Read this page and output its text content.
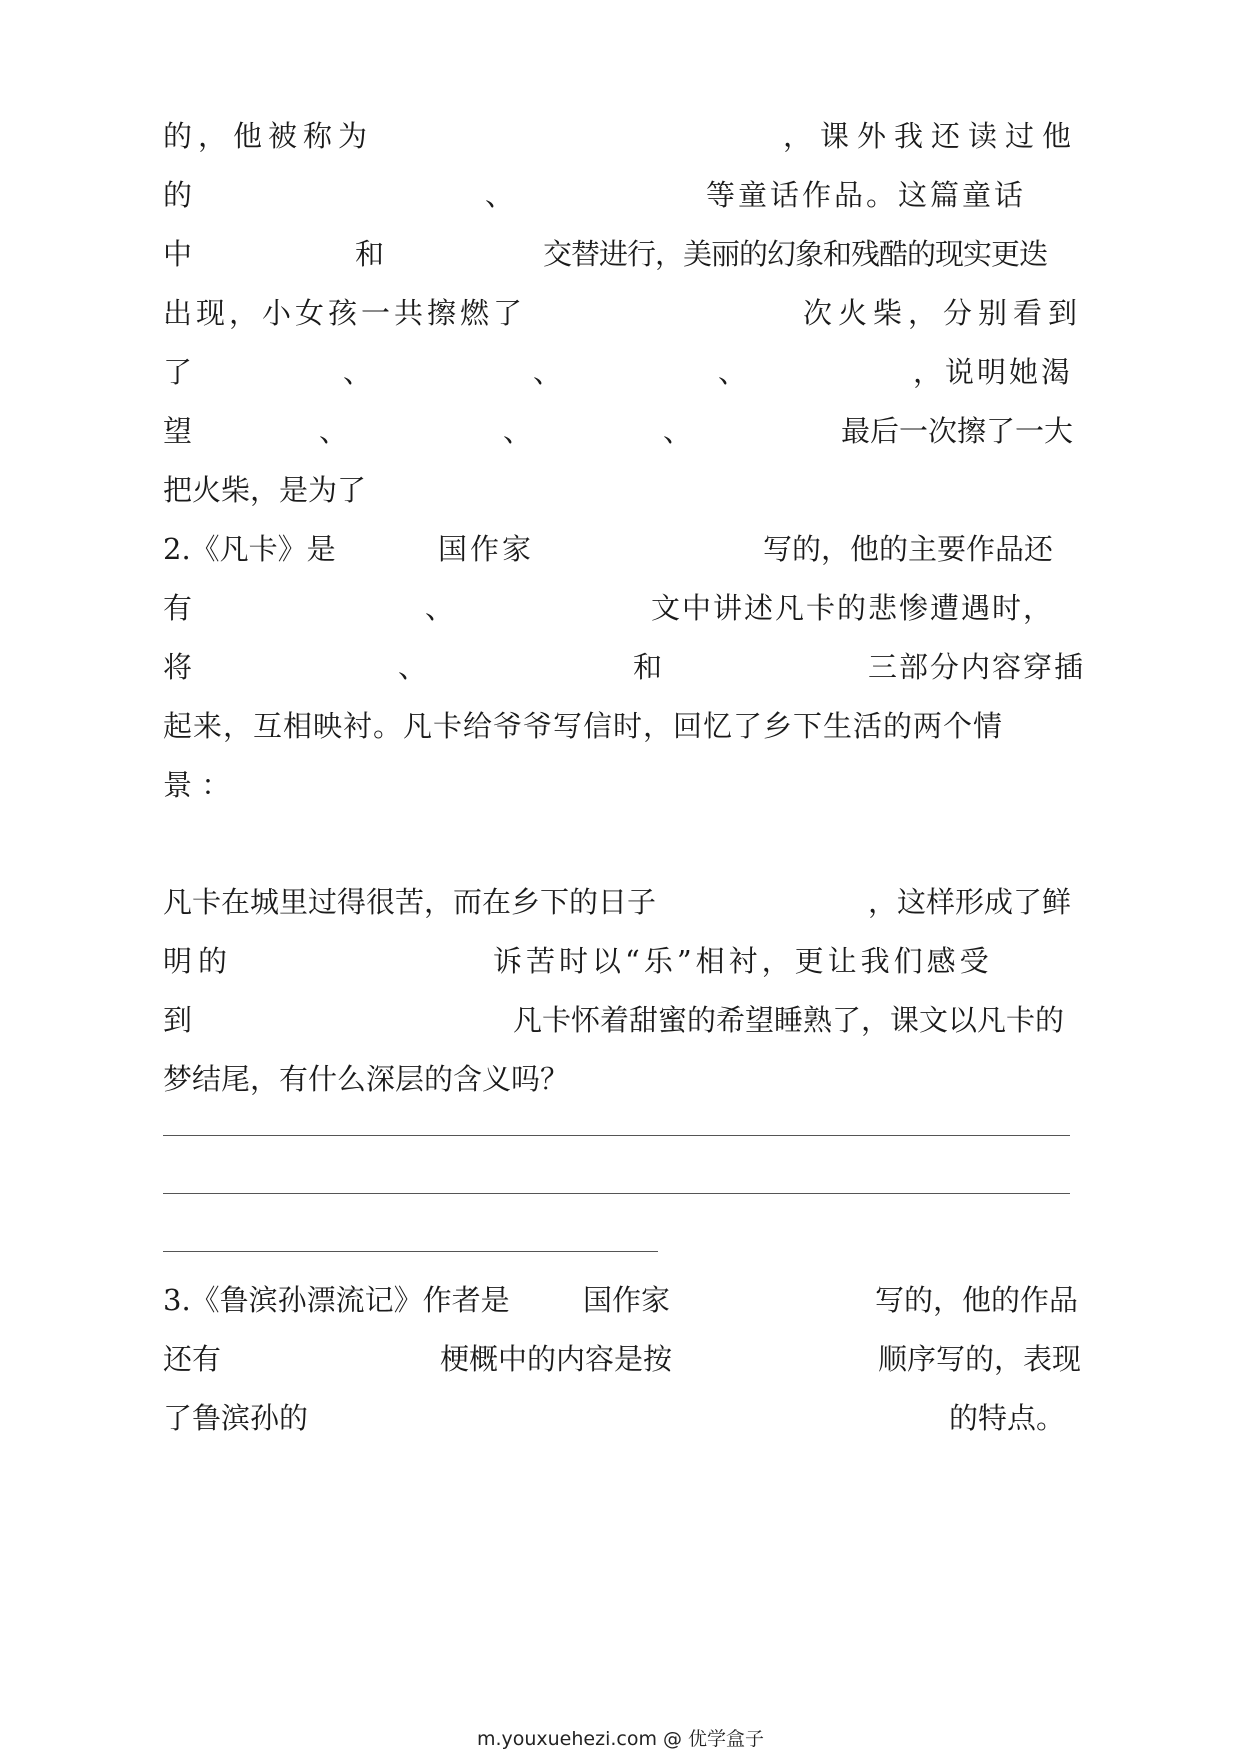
的，他被称为	，课外我还读过他
的	、	等童话作品。这篇童话
中	和	交替进行，美丽的幻象和残酷的现实更迭
出现，小女孩一共擦燃了	次火柴，分别看到
了	、	、	、	，说明她渴
望	、	、	、	最后一次擦了一大
把火柴，是为了
2.《凡卡》是	国作家	写的，他的主要作品还
有	、	文中讲述凡卡的悲惨遭遇时，
将	、	和	三部分内容穿插
起来，互相映衬。凡卡给爷爷写信时，回忆了乡下生活的两个情
景 ：
凡卡在城里过得很苦，而在乡下的日子	，这样形成了鲜
明的	诉苦时以“乐”相衬，更让我们感受
到	凡卡怀着甜蜜的希望睡熟了，课文以凡卡的
梦结尾，有什么深层的含义吗？
3.《鲁滨孙漂流记》作者是	国作家	写的，他的作品
还有	梗概中的内容是按	顺序写的，表现
了鲁滨孙的	的特点。
m.youxuehezi.com @ 优学盒子
